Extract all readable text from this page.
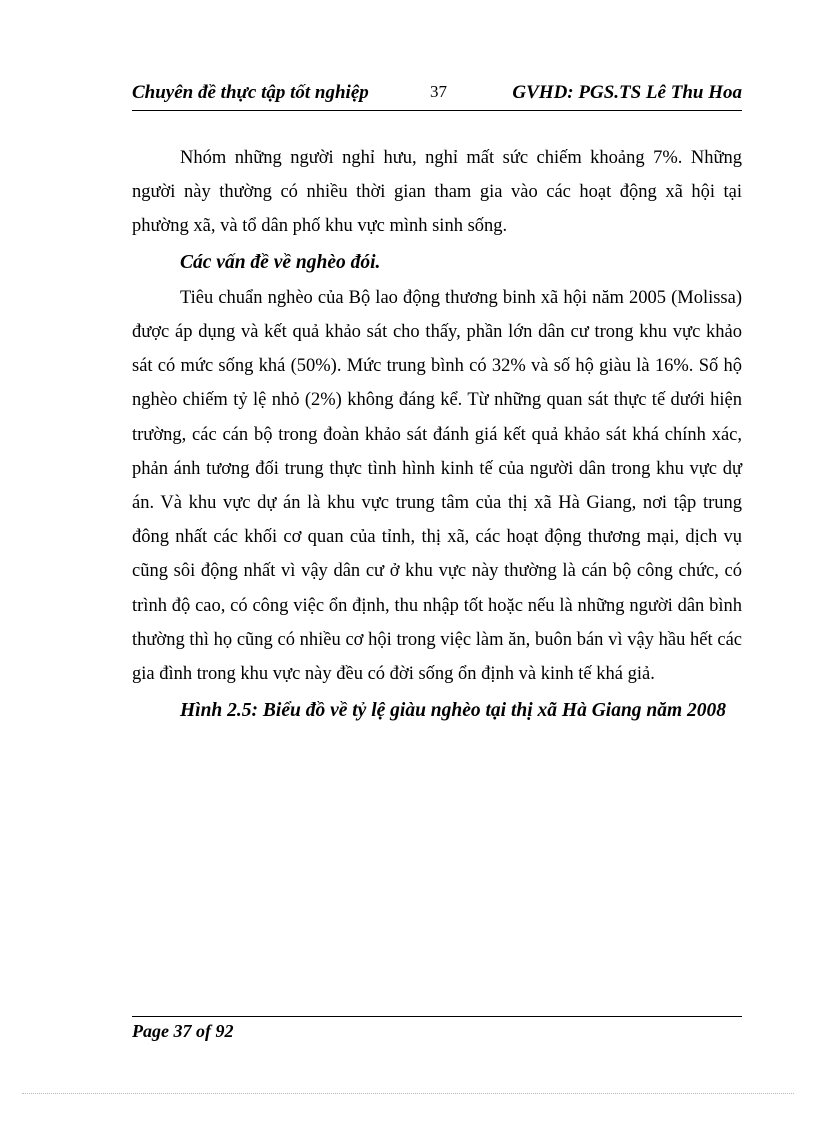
Chuyên đề thực tập tốt nghiệp	37	GVHD: PGS.TS Lê Thu Hoa

Nhóm những người nghỉ hưu, nghỉ mất sức chiếm khoảng 7%. Những người này thường có nhiều thời gian tham gia vào các hoạt động xã hội tại phường xã, và tổ dân phố khu vực mình sinh sống.

Các vấn đề về nghèo đói.

Tiêu chuẩn nghèo của Bộ lao động thương binh xã hội năm 2005 (Molissa) được áp dụng và kết quả khảo sát cho thấy, phần lớn dân cư trong khu vực khảo sát có mức sống khá (50%). Mức trung bình có 32% và số hộ giàu là 16%. Số hộ nghèo chiếm tỷ lệ nhỏ (2%) không đáng kể. Từ những quan sát thực tế dưới hiện trường, các cán bộ trong đoàn khảo sát đánh giá kết quả khảo sát khá chính xác, phản ánh tương đối trung thực tình hình kinh tế của người dân trong khu vực dự án. Và khu vực dự án là khu vực trung tâm của thị xã Hà Giang, nơi tập trung đông nhất các khối cơ quan của tỉnh, thị xã, các hoạt động thương mại, dịch vụ cũng sôi động nhất vì vậy dân cư ở khu vực này thường là cán bộ công chức, có trình độ cao, có công việc ổn định, thu nhập tốt hoặc nếu là những người dân bình thường thì họ cũng có nhiều cơ hội trong việc làm ăn, buôn bán vì vậy hầu hết các gia đình trong khu vực này đều có đời sống ổn định và kinh tế khá giả.

Hình 2.5: Biểu đồ về tỷ lệ giàu nghèo tại thị xã Hà Giang năm 2008

Page 37 of 92
